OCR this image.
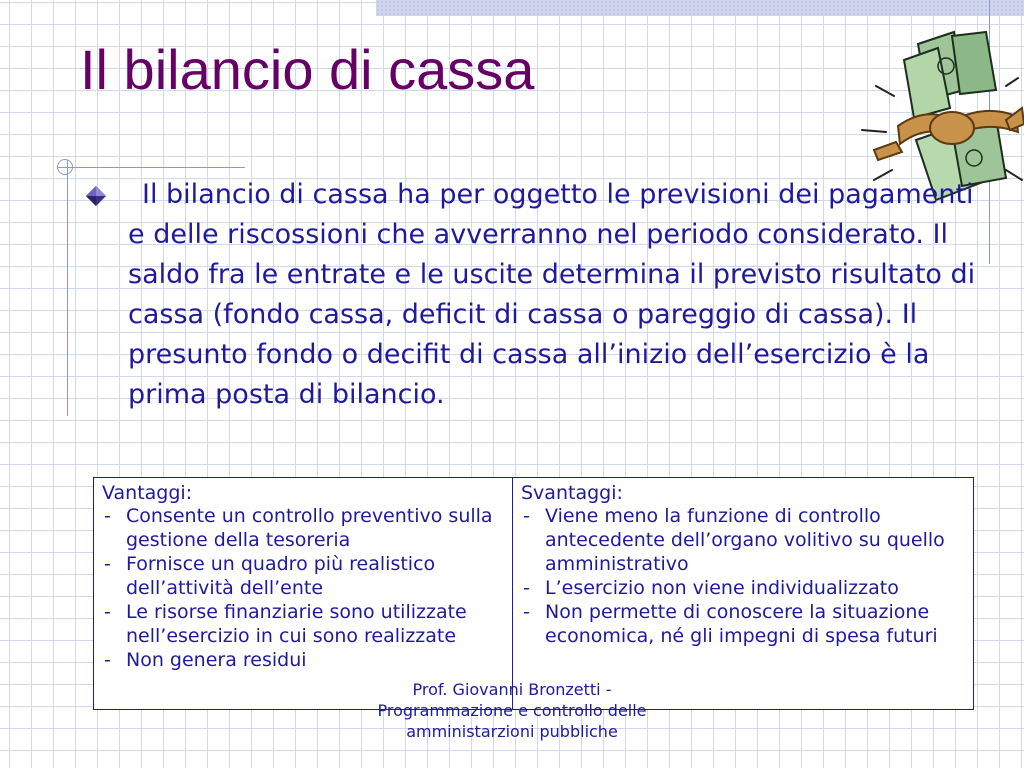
Il bilancio di cassa

Il bilancio di cassa ha per oggetto le previsioni dei pagamenti e delle riscossioni che avverranno nel periodo considerato. Il saldo fra le entrate e le uscite determina il previsto risultato di cassa (fondo cassa, deficit di cassa o pareggio di cassa). Il presunto fondo o decifit di cassa all’inizio dell’esercizio è la prima posta di bilancio.

Vantaggi:
- Consente un controllo preventivo sulla gestione della tesoreria
- Fornisce un quadro più realistico dell’attività dell’ente
- Le risorse finanziarie sono utilizzate nell’esercizio in cui sono realizzate
- Non genera residui
Svantaggi:
- Viene meno la funzione di controllo antecedente dell’organo volitivo su quello amministrativo
- L’esercizio non viene individualizzato
- Non permette di conoscere la situazione economica, né gli impegni di spesa futuri
Prof. Giovanni Bronzetti -
Programmazione e controllo delle
amministarzioni pubbliche
